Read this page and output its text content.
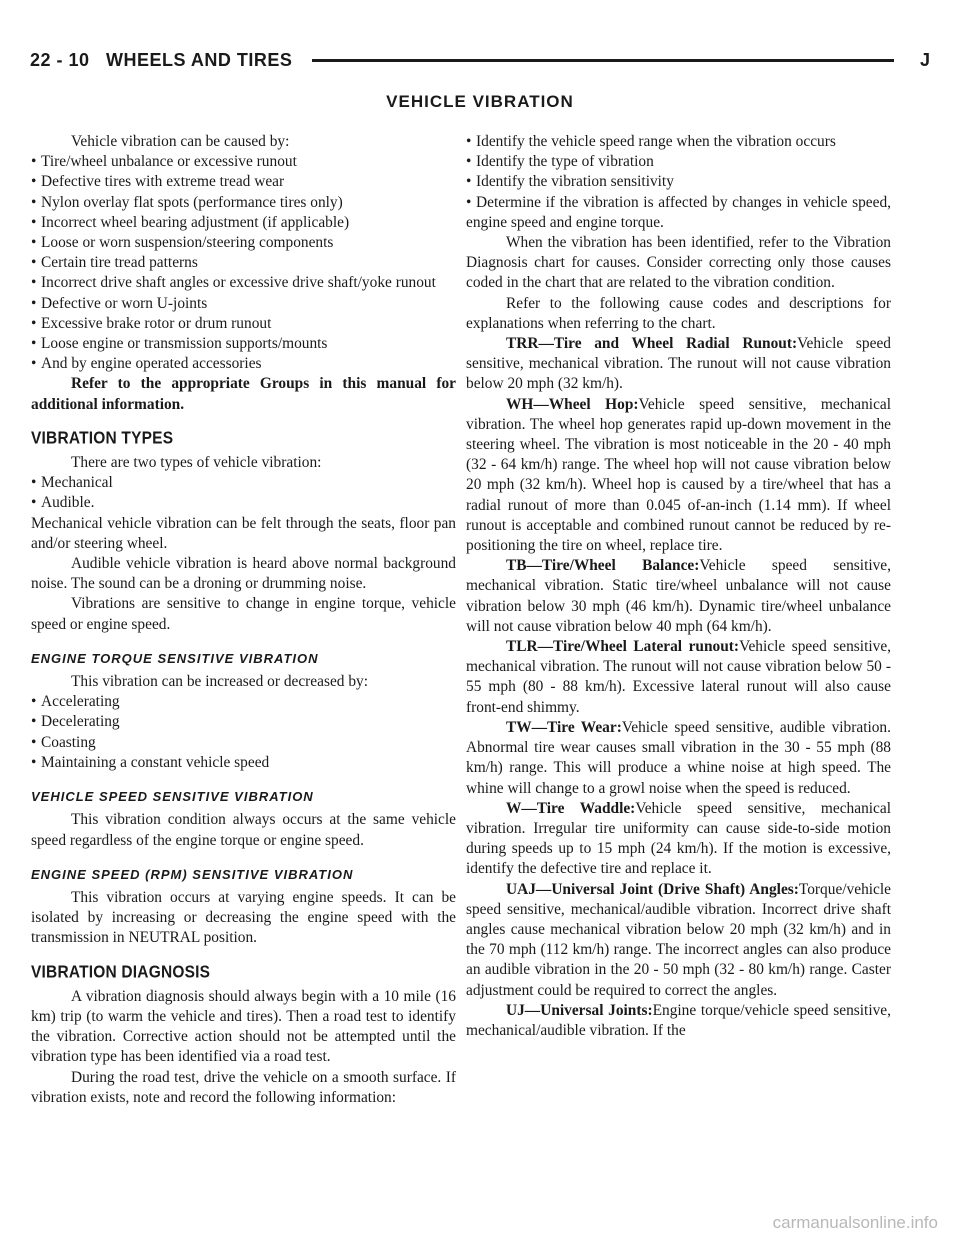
22 - 10   WHEELS AND TIRES	J
VEHICLE VIBRATION

Vehicle vibration can be caused by:

• Tire/wheel unbalance or excessive runout

• Defective tires with extreme tread wear

• Nylon overlay flat spots (performance tires only)

• Incorrect wheel bearing adjustment (if applicable)

• Loose or worn suspension/steering components

• Certain tire tread patterns

• Incorrect drive shaft angles or excessive drive shaft/yoke runout

• Defective or worn U-joints

• Excessive brake rotor or drum runout

• Loose engine or transmission supports/mounts

• And by engine operated accessories

Refer to the appropriate Groups in this manual for additional information.

VIBRATION TYPES

There are two types of vehicle vibration:

• Mechanical

• Audible.

Mechanical vehicle vibration can be felt through the seats, floor pan and/or steering wheel.

Audible vehicle vibration is heard above normal background noise. The sound can be a droning or drumming noise.

Vibrations are sensitive to change in engine torque, vehicle speed or engine speed.

ENGINE TORQUE SENSITIVE VIBRATION

This vibration can be increased or decreased by:

• Accelerating

• Decelerating

• Coasting

• Maintaining a constant vehicle speed

VEHICLE SPEED SENSITIVE VIBRATION

This vibration condition always occurs at the same vehicle speed regardless of the engine torque or engine speed.

ENGINE SPEED (RPM) SENSITIVE VIBRATION

This vibration occurs at varying engine speeds. It can be isolated by increasing or decreasing the engine speed with the transmission in NEUTRAL position.

VIBRATION DIAGNOSIS

A vibration diagnosis should always begin with a 10 mile (16 km) trip (to warm the vehicle and tires). Then a road test to identify the vibration. Corrective action should not be attempted until the vibration type has been identified via a road test.

During the road test, drive the vehicle on a smooth surface. If vibration exists, note and record the following information:

• Identify the vehicle speed range when the vibration occurs

• Identify the type of vibration

• Identify the vibration sensitivity

• Determine if the vibration is affected by changes in vehicle speed, engine speed and engine torque.

When the vibration has been identified, refer to the Vibration Diagnosis chart for causes. Consider correcting only those causes coded in the chart that are related to the vibration condition.

Refer to the following cause codes and descriptions for explanations when referring to the chart.

TRR—Tire and Wheel Radial Runout:Vehicle speed sensitive, mechanical vibration. The runout will not cause vibration below 20 mph (32 km/h).

WH—Wheel Hop:Vehicle speed sensitive, mechanical vibration. The wheel hop generates rapid up-down movement in the steering wheel. The vibration is most noticeable in the 20 - 40 mph (32 - 64 km/h) range. The wheel hop will not cause vibration below 20 mph (32 km/h). Wheel hop is caused by a tire/wheel that has a radial runout of more than 0.045 of-an-inch (1.14 mm). If wheel runout is acceptable and combined runout cannot be reduced by re-positioning the tire on wheel, replace tire.

TB—Tire/Wheel Balance:Vehicle speed sensitive, mechanical vibration. Static tire/wheel unbalance will not cause vibration below 30 mph (46 km/h). Dynamic tire/wheel unbalance will not cause vibration below 40 mph (64 km/h).

TLR—Tire/Wheel Lateral runout:Vehicle speed sensitive, mechanical vibration. The runout will not cause vibration below 50 - 55 mph (80 - 88 km/h). Excessive lateral runout will also cause front-end shimmy.

TW—Tire Wear:Vehicle speed sensitive, audible vibration. Abnormal tire wear causes small vibration in the 30 - 55 mph (88 km/h) range. This will produce a whine noise at high speed. The whine will change to a growl noise when the speed is reduced.

W—Tire Waddle:Vehicle speed sensitive, mechanical vibration. Irregular tire uniformity can cause side-to-side motion during speeds up to 15 mph (24 km/h). If the motion is excessive, identify the defective tire and replace it.

UAJ—Universal Joint (Drive Shaft) Angles:Torque/vehicle speed sensitive, mechanical/audible vibration. Incorrect drive shaft angles cause mechanical vibration below 20 mph (32 km/h) and in the 70 mph (112 km/h) range. The incorrect angles can also produce an audible vibration in the 20 - 50 mph (32 - 80 km/h) range. Caster adjustment could be required to correct the angles.

UJ—Universal Joints:Engine torque/vehicle speed sensitive, mechanical/audible vibration. If the

carmanualsonline.info
